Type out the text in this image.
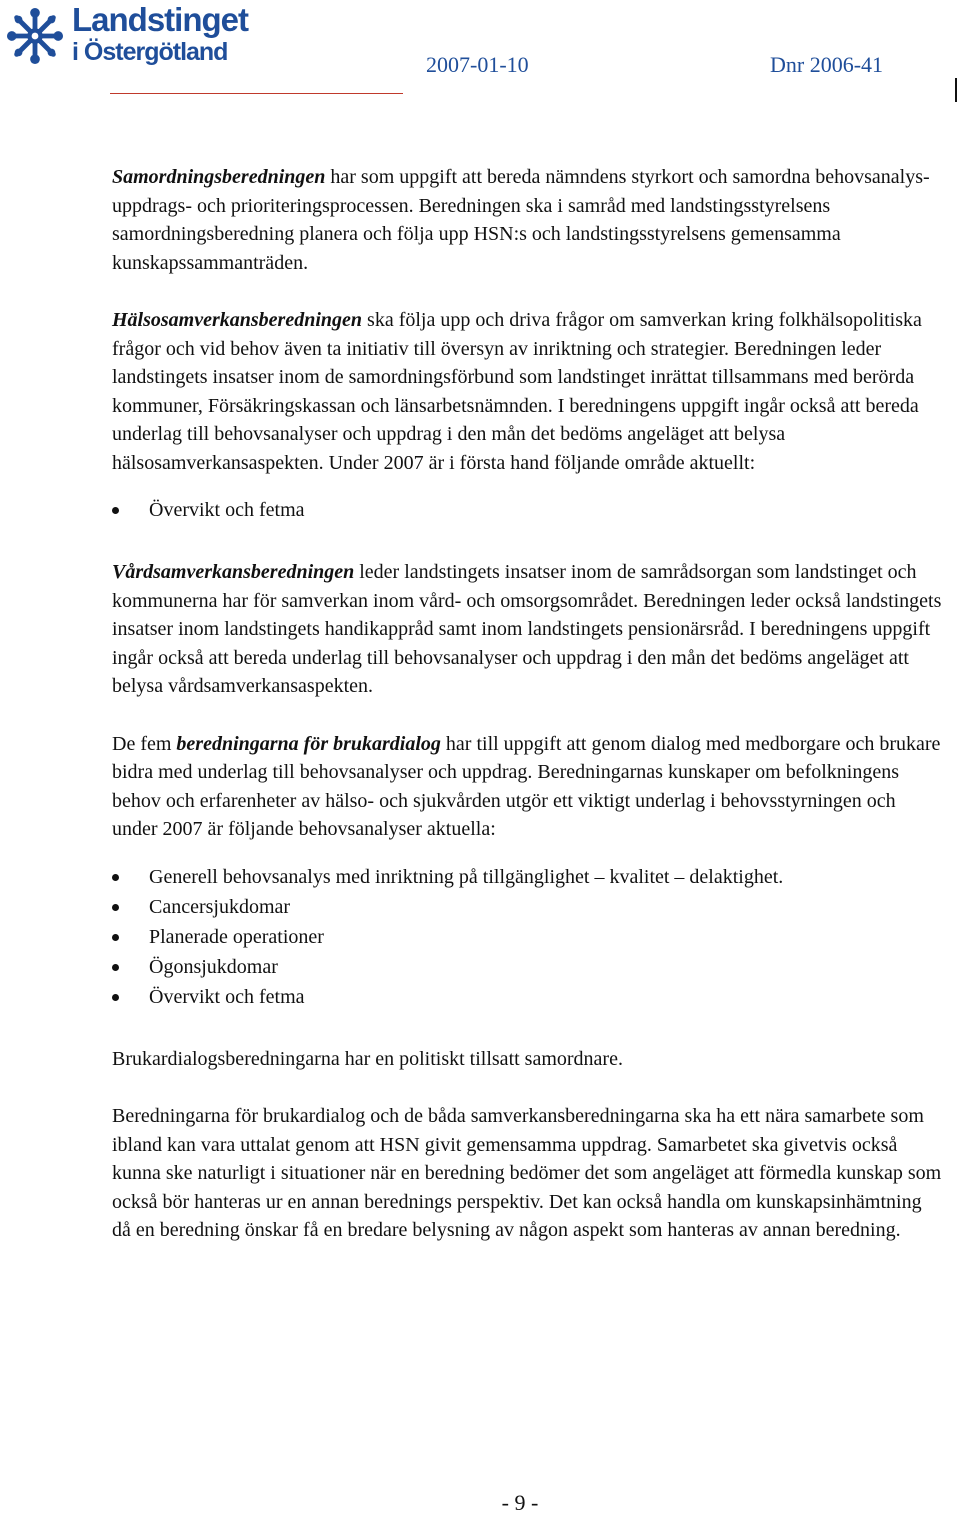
Landstinget
i Östergötland	2007-01-10	Dnr 2006-41

Samordningsberedningen har som uppgift att bereda nämndens styrkort och samordna behovsanalys- uppdrags- och prioriteringsprocessen. Beredningen ska i samråd med landstingsstyrelsens samordningsberedning planera och följa upp HSN:s och landstingsstyrelsens gemensamma kunskapssammanträden.

Hälsosamverkansberedningen ska följa upp och driva frågor om samverkan kring folkhälsopolitiska frågor och vid behov även ta initiativ till översyn av inriktning och strategier. Beredningen leder landstingets insatser inom de samordningsförbund som landstinget inrättat tillsammans med berörda kommuner, Försäkringskassan och länsarbetsnämnden. I beredningens uppgift ingår också att bereda underlag till behovsanalyser och uppdrag i den mån det bedöms angeläget att belysa hälsosamverkansaspekten. Under 2007 är i första hand följande område aktuellt:

Övervikt och fetma

Vårdsamverkansberedningen leder landstingets insatser inom de samrådsorgan som landstinget och kommunerna har för samverkan inom vård- och omsorgsområdet. Beredningen leder också landstingets insatser inom landstingets handikappråd samt inom landstingets pensionärsråd. I beredningens uppgift ingår också att bereda underlag till behovsanalyser och uppdrag i den mån det bedöms angeläget att belysa vårdsamverkansaspekten.

De fem beredningarna för brukardialog har till uppgift att genom dialog med medborgare och brukare bidra med underlag till behovsanalyser och uppdrag. Beredningarnas kunskaper om befolkningens behov och erfarenheter av hälso- och sjukvården utgör ett viktigt underlag i behovsstyrningen och under 2007 är följande behovsanalyser aktuella:

Generell behovsanalys med inriktning på tillgänglighet – kvalitet – delaktighet.
Cancersjukdomar
Planerade operationer
Ögonsjukdomar
Övervikt och fetma

Brukardialogsberedningarna har en politiskt tillsatt samordnare.

Beredningarna för brukardialog och de båda samverkansberedningarna ska ha ett nära samarbete som ibland kan vara uttalat genom att HSN givit gemensamma uppdrag. Samarbetet ska givetvis också kunna ske naturligt i situationer när en beredning bedömer det som angeläget att förmedla kunskap som också bör hanteras ur en annan berednings perspektiv. Det kan också handla om kunskapsinhämtning då en beredning önskar få en bredare belysning av någon aspekt som hanteras av annan beredning.

- 9 -
